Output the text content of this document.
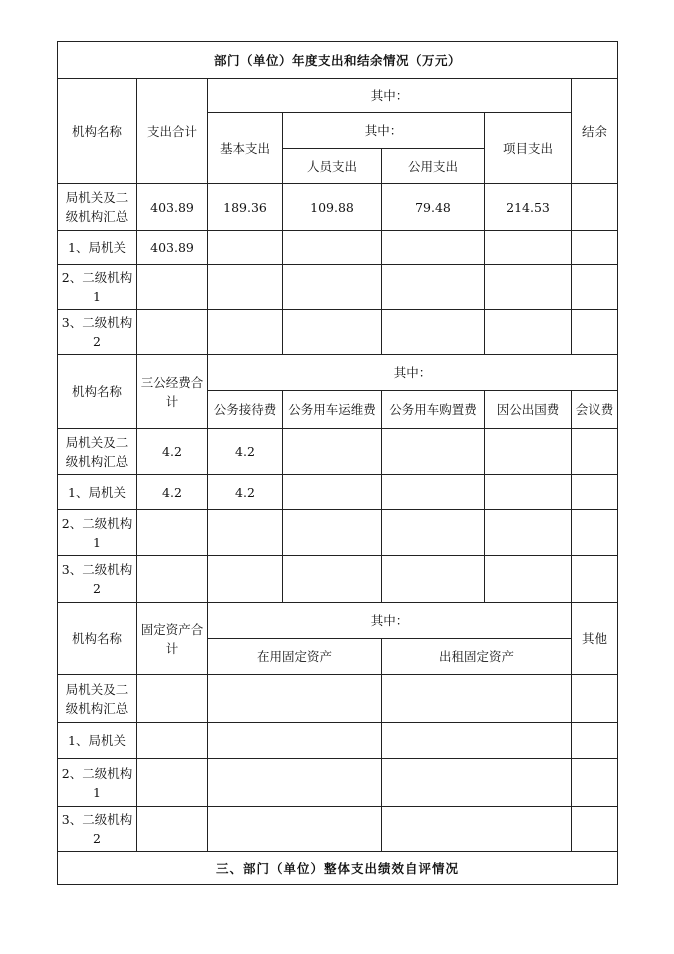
部门（单位）年度支出和结余情况（万元）						
机构名称	支出合计	其中：				结余
		基本支出	其中：		项目支出	
			人员支出	公用支出		
局机关及二级机构汇总	403.89	189.36	109.88	79.48	214.53	
1、局机关	403.89					
2、二级机构1						
3、二级机构2						
机构名称	三公经费合计	其中：				
		公务接待费	公务用车运维费	公务用车购置费	因公出国费	会议费
局机关及二级机构汇总	4.2	4.2				
1、局机关	4.2	4.2				
2、二级机构1						
3、二级机构2						
机构名称	固定资产合计	其中：				其他
		在用固定资产		出租固定资产		
局机关及二级机构汇总						
1、局机关						
2、二级机构1						
3、二级机构2						
三、部门（单位）整体支出绩效自评情况						
